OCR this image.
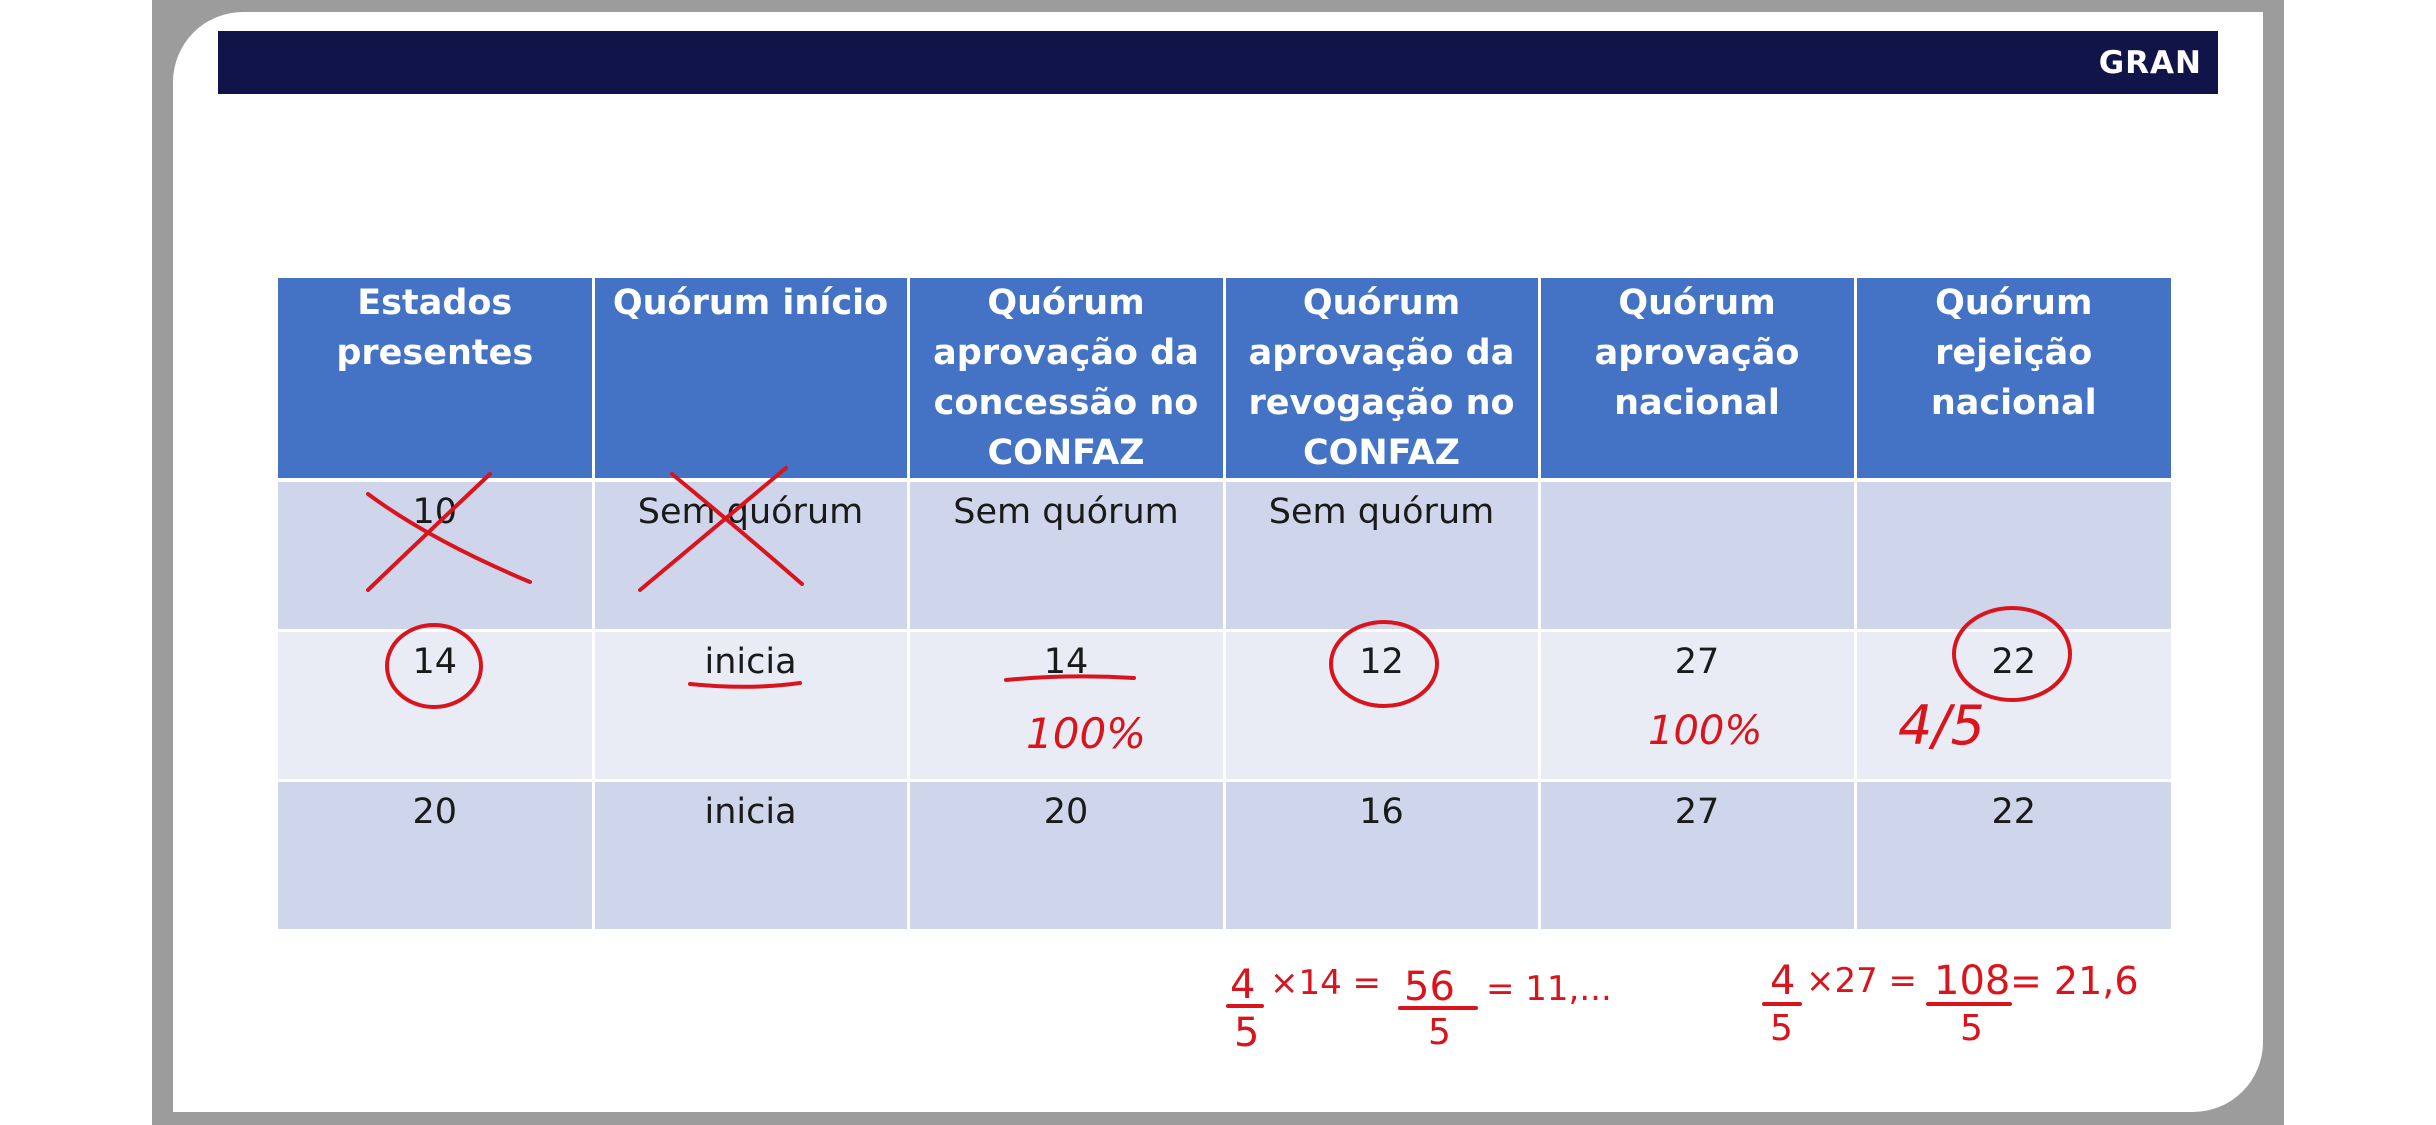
GRAN
Estados presentes	Quórum início	Quórum aprovação da concessão no CONFAZ	Quórum aprovação da revogação no CONFAZ	Quórum aprovação nacional	Quórum rejeição nacional
10	Sem quórum	Sem quórum	Sem quórum		
14	inicia	14	12	27	22
20	inicia	20	16	27	22
100%	100%	4/5
4
5
×14 = 56
5
= 11,...	4
5
×27 = 108
5
= 21,6
